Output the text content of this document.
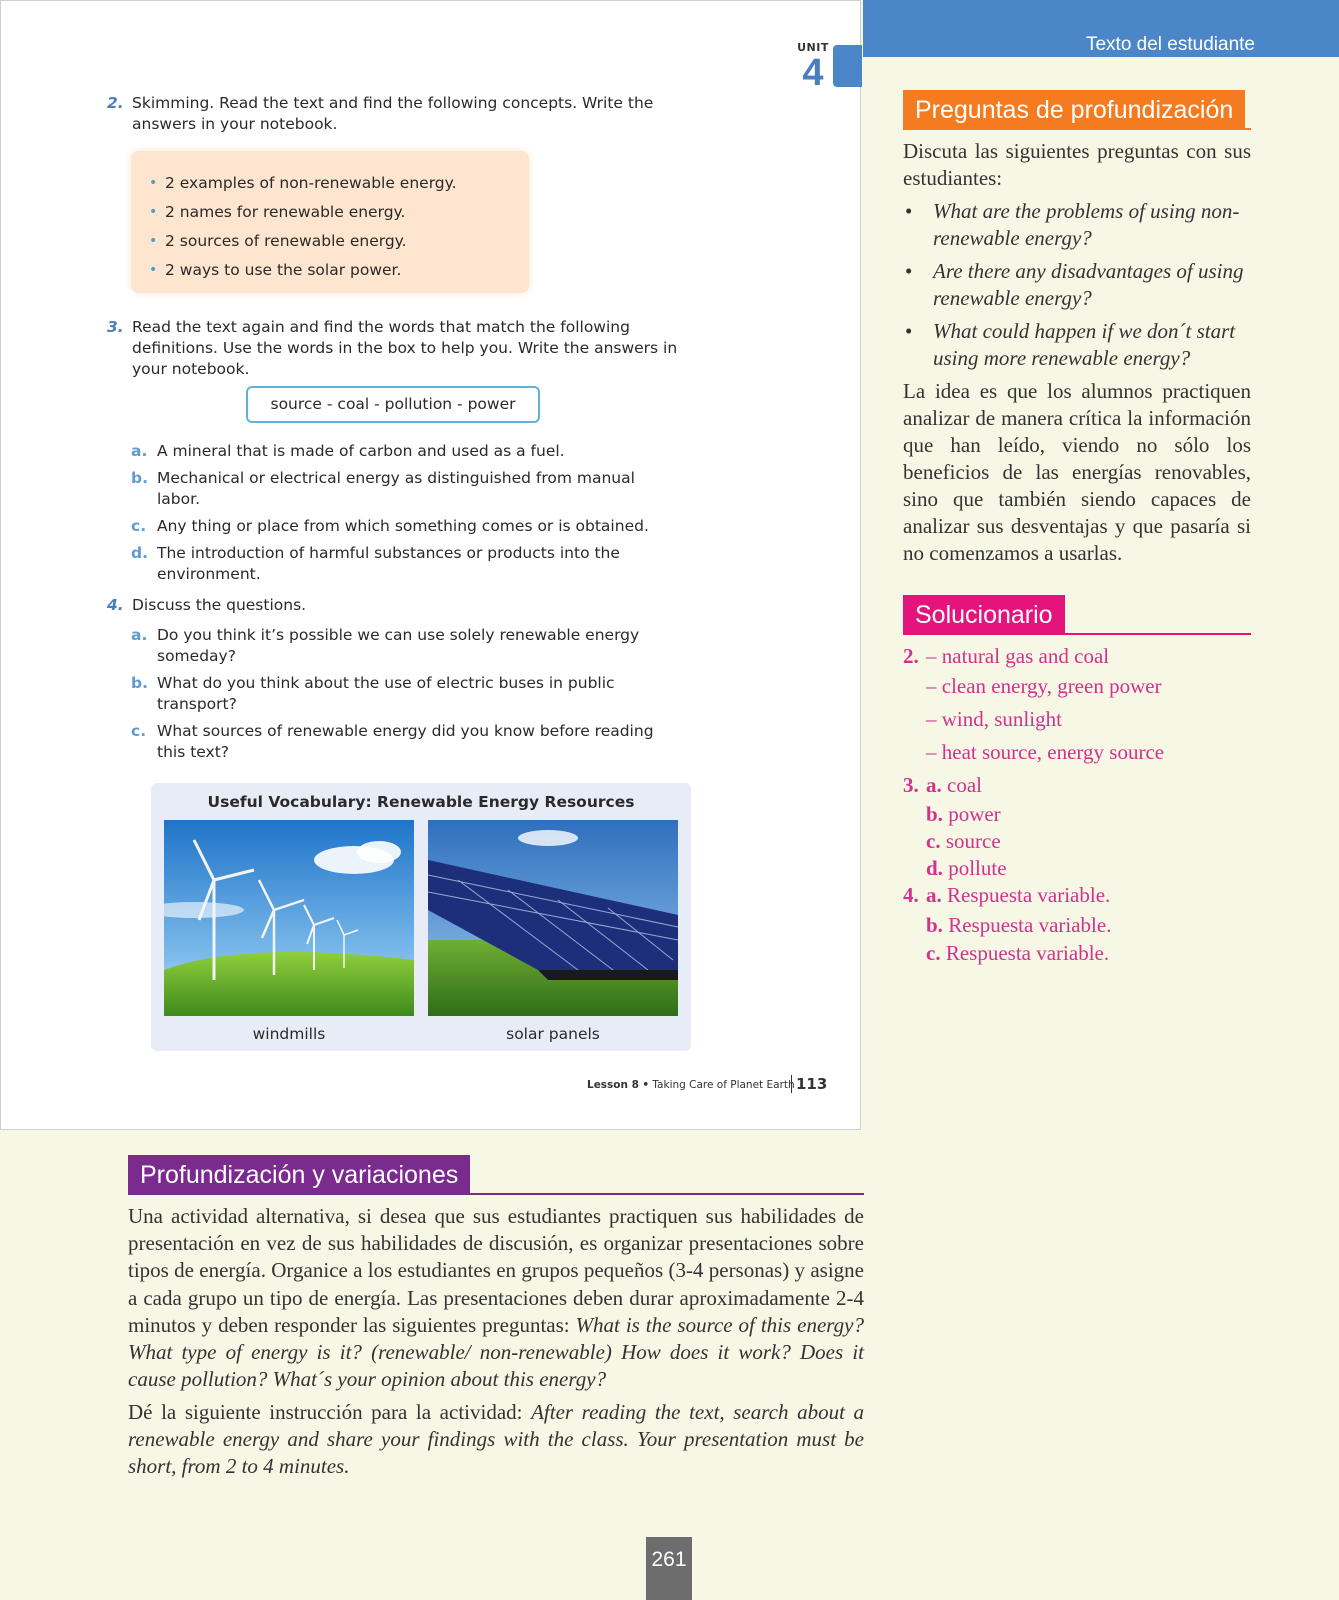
UNIT
4
2. Skimming. Read the text and find the following concepts. Write the answers in your notebook.
• 2 examples of non-renewable energy.
• 2 names for renewable energy.
• 2 sources of renewable energy.
• 2 ways to use the solar power.
3. Read the text again and find the words that match the following definitions. Use the words in the box to help you. Write the answers in your notebook.
source - coal - pollution - power
a. A mineral that is made of carbon and used as a fuel.
b. Mechanical or electrical energy as distinguished from manual labor.
c. Any thing or place from which something comes or is obtained.
d. The introduction of harmful substances or products into the environment.
4. Discuss the questions.
a. Do you think it’s possible we can use solely renewable energy someday?
b. What do you think about the use of electric buses in public transport?
c. What sources of renewable energy did you know before reading this text?
Useful Vocabulary: Renewable Energy Resources
windmills	solar panels
Lesson 8 • Taking Care of Planet Earth 113
Texto del estudiante
Preguntas de profundización
Discuta las siguientes preguntas con sus estudiantes:
• What are the problems of using non-renewable energy?
• Are there any disadvantages of using renewable energy?
• What could happen if we don´t start using more renewable energy?
La idea es que los alumnos practiquen analizar de manera crítica la información que han leído, viendo no sólo los beneficios de las energías renovables, sino que también siendo capaces de analizar sus desventajas y que pasaría si no comenzamos a usarlas.
Solucionario
2. – natural gas and coal
– clean energy, green power
– wind, sunlight
– heat source, energy source
3. a. coal
b. power
c. source
d. pollute
4. a. Respuesta variable.
b. Respuesta variable.
c. Respuesta variable.
Profundización y variaciones
Una actividad alternativa, si desea que sus estudiantes practiquen sus habilidades de presentación en vez de sus habilidades de discusión, es organizar presentaciones sobre tipos de energía. Organice a los estudiantes en grupos pequeños (3-4 personas) y asigne a cada grupo un tipo de energía. Las presentaciones deben durar aproximadamente 2-4 minutos y deben responder las siguientes preguntas: What is the source of this energy? What type of energy is it? (renewable/ non-renewable) How does it work? Does it cause pollution? What´s your opinion about this energy?
Dé la siguiente instrucción para la actividad: After reading the text, search about a renewable energy and share your findings with the class. Your presentation must be short, from 2 to 4 minutes.
261
